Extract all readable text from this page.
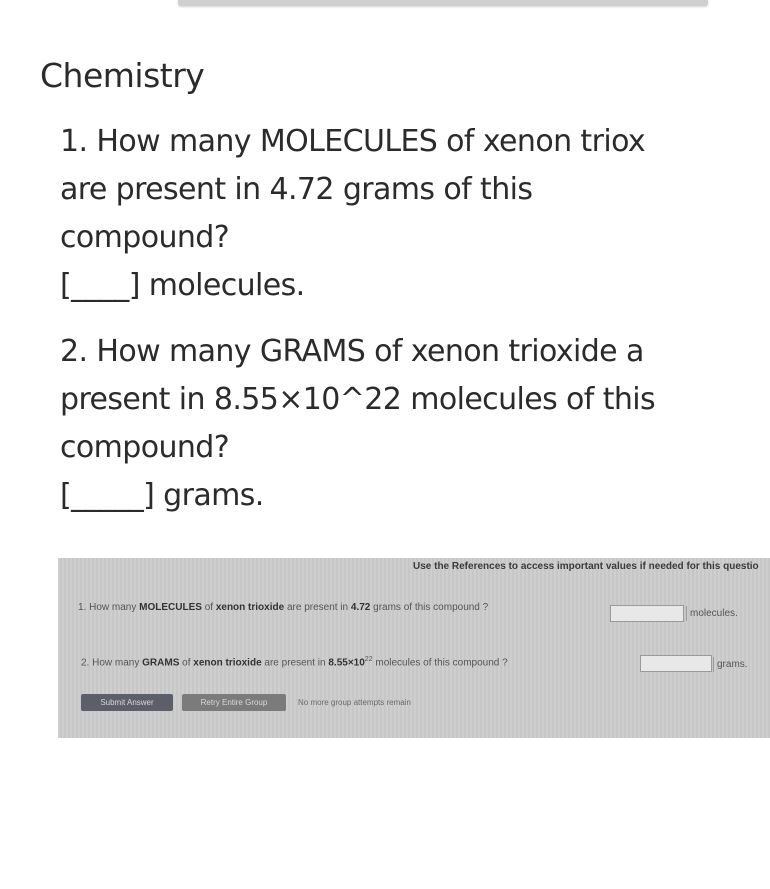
Chemistry
1. How many MOLECULES of xenon triox
are present in 4.72 grams of this
compound?
[____] molecules.
2. How many GRAMS of xenon trioxide a
present in 8.55×10^22 molecules of this
compound?
[_____] grams.
Use the References to access important values if needed for this questio
1. How many MOLECULES of xenon trioxide are present in 4.72 grams of this compound ?
molecules.
2. How many GRAMS of xenon trioxide are present in $8.55\times 10^{22}$ molecules of this compound ?	grams.
Submit Answer	Retry Entire Group	No more group attempts remain
